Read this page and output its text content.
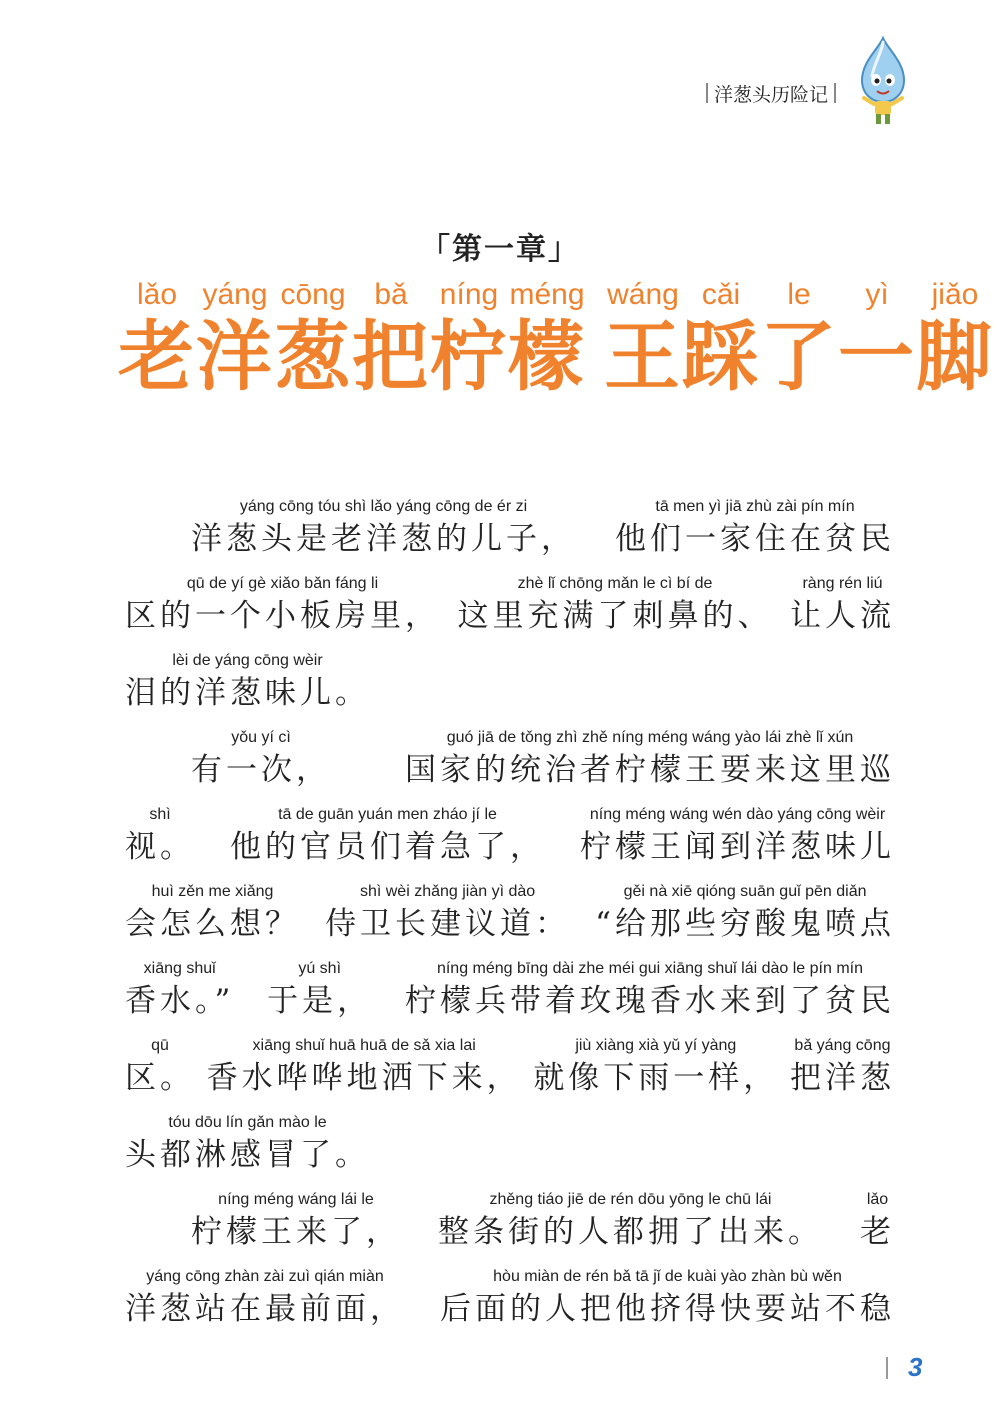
洋葱头历险记
「第一章」
lǎo
老
yáng
洋
cōng
葱
bǎ
把
níng
柠
méng
檬
wáng
王
cǎi
踩
le
了
yì
一
jiǎo
脚
yáng cōng tóu shì lǎo yáng cōng de ér zi
洋葱头是老洋葱的儿子，
tā men yì jiā zhù zài pín mín
他们一家住在贫民
qū de yí gè xiǎo bǎn fáng li
区的一个小板房里，
zhè lǐ chōng mǎn le cì bí de
这里充满了刺鼻的、
ràng rén liú
让人流
lèi de yáng cōng wèir
泪的洋葱味儿。
yǒu yí cì
有一次，
guó jiā de tǒng zhì zhě níng méng wáng yào lái zhè lǐ xún
国家的统治者柠檬王要来这里巡
shì
视。
tā de guān yuán men zháo jí le
他的官员们着急了，
níng méng wáng wén dào yáng cōng wèir
柠檬王闻到洋葱味儿
huì zěn me xiǎng
会怎么想？
shì wèi zhǎng jiàn yì dào
侍卫长建议道：
gěi nà xiē qióng suān guǐ pēn diǎn
“给那些穷酸鬼喷点
xiāng shuǐ
香水。”
yú shì
于是，
níng méng bīng dài zhe méi gui xiāng shuǐ lái dào le pín mín
柠檬兵带着玫瑰香水来到了贫民
qū
区。
xiāng shuǐ huā huā de sǎ xia lai
香水哗哗地洒下来，
jiù xiàng xià yǔ yí yàng
就像下雨一样，
bǎ yáng cōng
把洋葱
tóu dōu lín gǎn mào le
头都淋感冒了。
níng méng wáng lái le
柠檬王来了，
zhěng tiáo jiē de rén dōu yōng le chū lái
整条街的人都拥了出来。
lǎo
老
yáng cōng zhàn zài zuì qián miàn
洋葱站在最前面，
hòu miàn de rén bǎ tā jǐ de kuài yào zhàn bù wěn
后面的人把他挤得快要站不稳
3
